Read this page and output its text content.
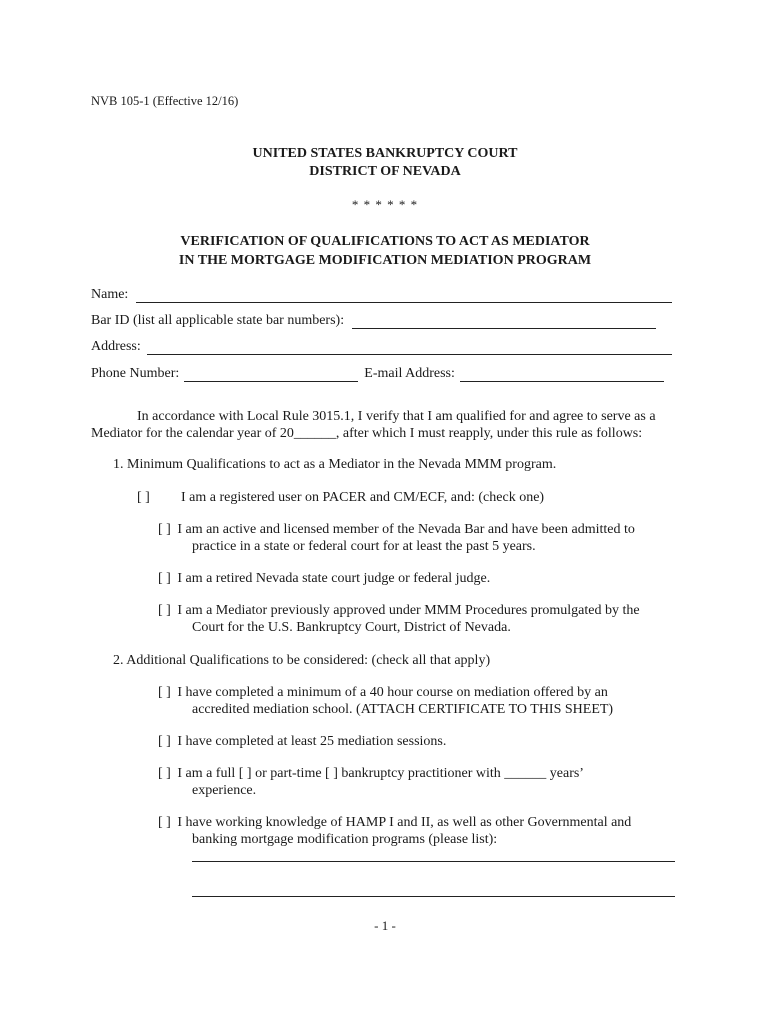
NVB 105-1 (Effective 12/16)
UNITED STATES BANKRUPTCY COURT
DISTRICT OF NEVADA
* * * * * *
VERIFICATION OF QUALIFICATIONS TO ACT AS MEDIATOR
IN THE MORTGAGE MODIFICATION MEDIATION PROGRAM
Name:
Bar ID (list all applicable state bar numbers):
Address:
Phone Number:	E-mail Address:
In accordance with Local Rule 3015.1, I verify that I am qualified for and agree to serve as a
Mediator for the calendar year of 20______, after which I must reapply, under this rule as follows:
1. Minimum Qualifications to act as a Mediator in the Nevada MMM program.
[ ] I am a registered user on PACER and CM/ECF, and: (check one)
[ ] I am an active and licensed member of the Nevada Bar and have been admitted to
practice in a state or federal court for at least the past 5 years.
[ ] I am a retired Nevada state court judge or federal judge.
[ ] I am a Mediator previously approved under MMM Procedures promulgated by the
Court for the U.S. Bankruptcy Court, District of Nevada.
2. Additional Qualifications to be considered: (check all that apply)
[ ] I have completed a minimum of a 40 hour course on mediation offered by an
accredited mediation school. (ATTACH CERTIFICATE TO THIS SHEET)
[ ] I have completed at least 25 mediation sessions.
[ ] I am a full [ ] or part-time [ ] bankruptcy practitioner with ______ years’
experience.
[ ] I have working knowledge of HAMP I and II, as well as other Governmental and
banking mortgage modification programs (please list):
- 1 -
